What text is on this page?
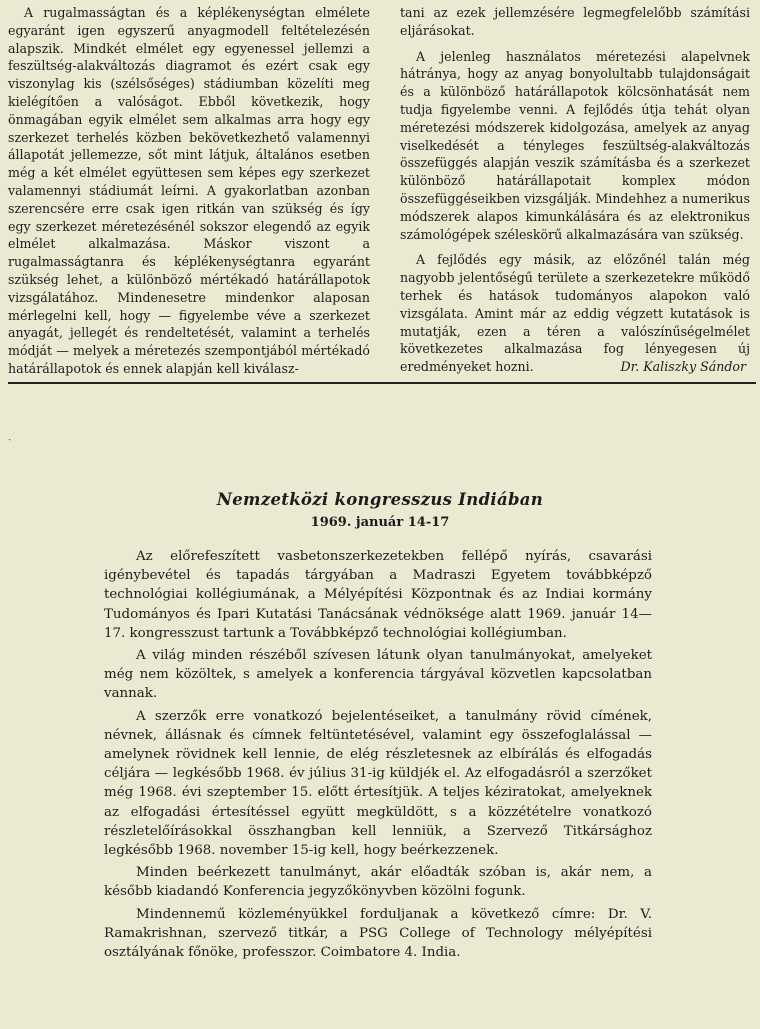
A rugalmasságtan és a képlékenységtan elmélete egyaránt igen egyszerű anyagmodell feltételezésén alapszik. Mindkét elmélet egy egyenessel jellemzi a feszültség-alakváltozás diagramot és ezért csak egy viszonylag kis (szélsőséges) stádiumban közelíti meg kielégítően a valóságot. Ebből következik, hogy önmagában egyik elmélet sem alkalmas arra hogy egy szerkezet terhelés közben bekövetkezhető valamennyi állapotát jellemezze, sőt mint látjuk, általános esetben még a két elmélet együttesen sem képes egy szerkezet valamennyi stádiumát leírni. A gyakorlatban azonban szerencsére erre csak igen ritkán van szükség és így egy szerkezet méretezésénél sokszor elegendő az egyik elmélet alkalmazása. Máskor viszont a rugalmasságtanra és képlékenységtanra egyaránt szükség lehet, a különböző mértékadó határállapotok vizsgálatához. Mindenesetre mindenkor alaposan mérlegelni kell, hogy — figyelembe véve a szerkezet anyagát, jellegét és rendeltetését, valamint a terhelés módját — melyek a méretezés szempontjából mértékadó határállapotok és ennek alapján kell kiválasz-

tani az ezek jellemzésére legmegfelelőbb számítási eljárásokat.

A jelenleg használatos méretezési alapelvnek hátránya, hogy az anyag bonyolultabb tulajdonságait és a különböző határállapotok kölcsönhatását nem tudja figyelembe venni. A fejlődés útja tehát olyan méretezési módszerek kidolgozása, amelyek az anyag viselkedését a tényleges feszültség-alakváltozás összefüggés alapján veszik számításba és a szerkezet különböző határállapotait komplex módon összefüggéseikben vizsgálják. Mindehhez a numerikus módszerek alapos kimunkálására és az elektronikus számológépek széleskörű alkalmazására van szükség.

A fejlődés egy másik, az előzőnél talán még nagyobb jelentőségű területe a szerkezetekre működő terhek és hatások tudományos alapokon való vizsgálata. Amint már az eddig végzett kutatások is mutatják, ezen a téren a valószínűségelmélet következetes alkalmazása fog lényegesen új eredményeket hozni.	Dr. Kaliszky Sándor

ˎ
Nemzetközi kongresszus Indiában
1969. január 14-17

Az előrefeszített vasbetonszerkezetekben fellépő nyírás, csavarási igénybevétel és tapadás tárgyában a Madraszi Egyetem továbbképző technológiai kollégiumának, a Mélyépítési Központnak és az Indiai kormány Tudományos és Ipari Kutatási Tanácsának védnöksége alatt 1969. január 14—17. kongresszust tartunk a Továbbképző technológiai kollégiumban.

A világ minden részéből szívesen látunk olyan tanulmányokat, amelyeket még nem közöltek, s amelyek a konferencia tárgyával közvetlen kapcsolatban vannak.

A szerzők erre vonatkozó bejelentéseiket, a tanulmány rövid címének, névnek, állásnak és címnek feltüntetésével, valamint egy összefoglalással — amelynek rövidnek kell lennie, de elég részletesnek az elbírálás és elfogadás céljára — legkésőbb 1968. év július 31-ig küldjék el. Az elfogadásról a szerzőket még 1968. évi szeptember 15. előtt értesítjük. A teljes kéziratokat, amelyeknek az elfogadási értesítéssel együtt megküldött, s a közzétételre vonatkozó részletelőírásokkal összhangban kell lenniük, a Szervező Titkársághoz legkésőbb 1968. november 15-ig kell, hogy beérkezzenek.

Minden beérkezett tanulmányt, akár előadták szóban is, akár nem, a később kiadandó Konferencia jegyzőkönyvben közölni fogunk.

Mindennemű közleményükkel forduljanak a következő címre: Dr. V. Ramakrishnan, szervező titkár, a PSG College of Technology mélyépítési osztályának főnöke, professzor. Coimbatore 4. India.
